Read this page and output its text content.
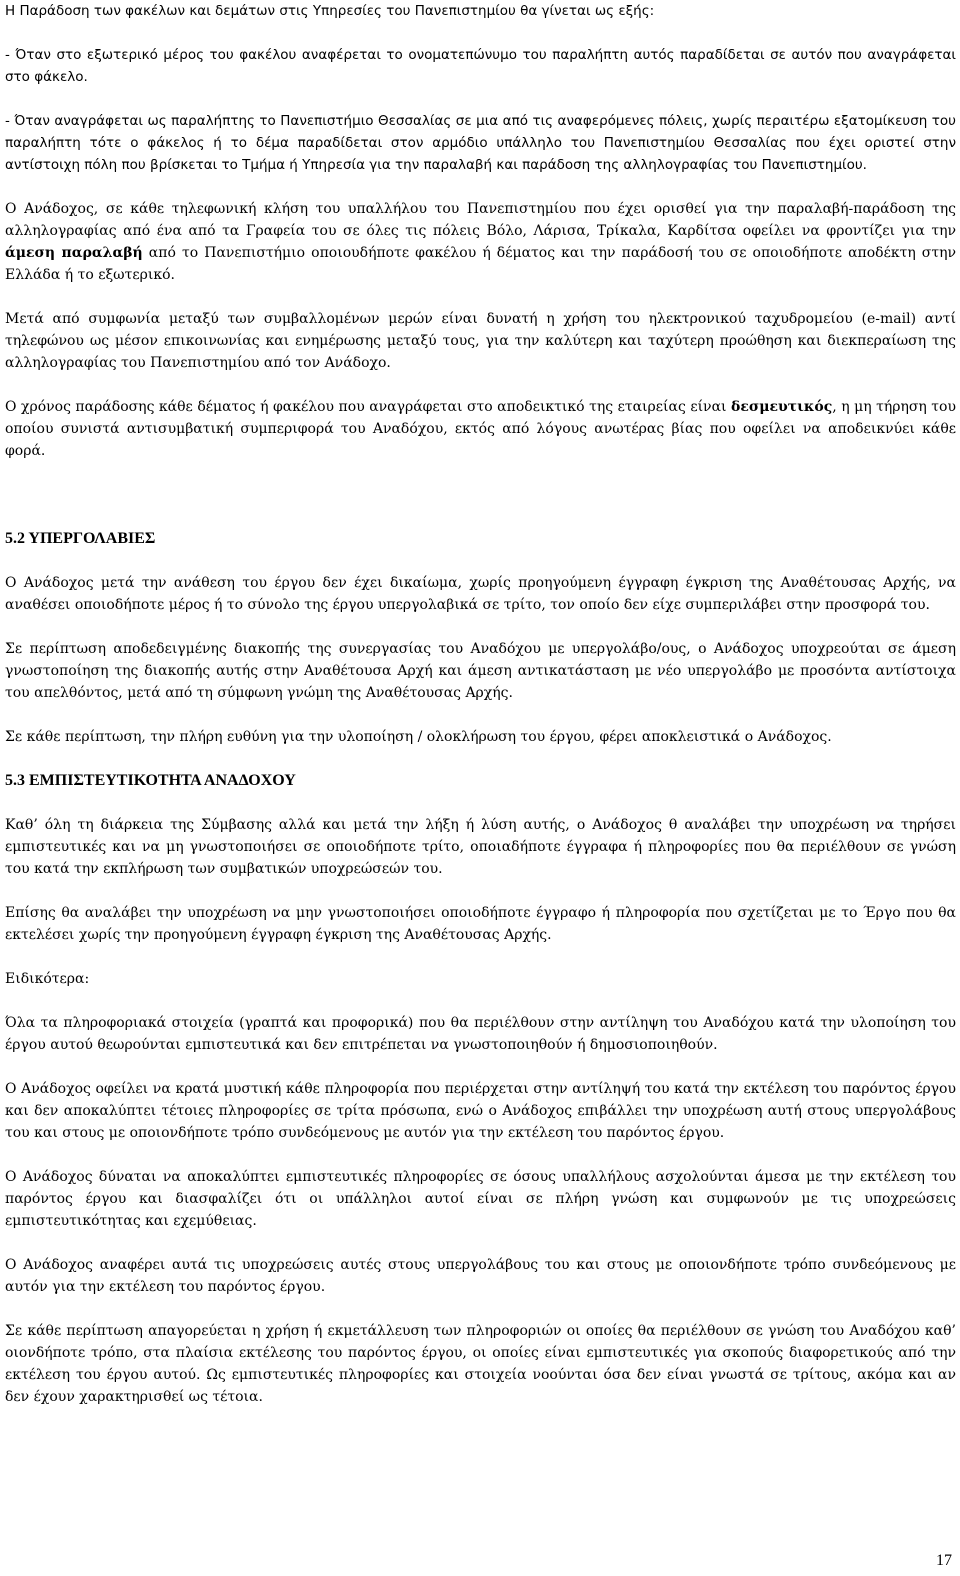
Η Παράδοση των φακέλων και δεμάτων στις Υπηρεσίες του Πανεπιστημίου θα γίνεται ως εξής:

- Όταν στο εξωτερικό μέρος του φακέλου αναφέρεται το ονοματεπώνυμο του παραλήπτη αυτός παραδίδεται σε αυτόν που αναγράφεται στο φάκελο.

- Όταν αναγράφεται ως παραλήπτης το Πανεπιστήμιο Θεσσαλίας σε μια από τις αναφερόμενες πόλεις, χωρίς περαιτέρω εξατομίκευση του παραλήπτη τότε ο φάκελος ή το δέμα παραδίδεται στον αρμόδιο υπάλληλο του Πανεπιστημίου Θεσσαλίας που έχει οριστεί στην αντίστοιχη πόλη που βρίσκεται το Τμήμα ή Υπηρεσία για την παραλαβή και παράδοση της αλληλογραφίας του Πανεπιστημίου.

Ο Ανάδοχος, σε κάθε τηλεφωνική κλήση του υπαλλήλου του Πανεπιστημίου που έχει ορισθεί για την παραλαβή-παράδοση της αλληλογραφίας από ένα από τα Γραφεία του σε όλες τις πόλεις Βόλο, Λάρισα, Τρίκαλα, Καρδίτσα οφείλει να φροντίζει για την άμεση παραλαβή από το Πανεπιστήμιο οποιουδήποτε φακέλου ή δέματος και την παράδοσή του σε οποιοδήποτε αποδέκτη στην Ελλάδα ή το εξωτερικό.

Μετά από συμφωνία μεταξύ των συμβαλλομένων μερών είναι δυνατή η χρήση του ηλεκτρονικού ταχυδρομείου (e-mail) αντί τηλεφώνου ως μέσον επικοινωνίας και ενημέρωσης μεταξύ τους, για την καλύτερη και ταχύτερη προώθηση και διεκπεραίωση της αλληλογραφίας του Πανεπιστημίου από τον Ανάδοχο.

Ο χρόνος παράδοσης κάθε δέματος ή φακέλου που αναγράφεται στο αποδεικτικό της εταιρείας είναι δεσμευτικός, η μη τήρηση του οποίου συνιστά αντισυμβατική συμπεριφορά του Αναδόχου, εκτός από λόγους ανωτέρας βίας που οφείλει να αποδεικνύει κάθε φορά.

5.2 ΥΠΕΡΓΟΛΑΒΙΕΣ

Ο Ανάδοχος μετά την ανάθεση του έργου δεν έχει δικαίωμα, χωρίς προηγούμενη έγγραφη έγκριση της Αναθέτουσας Αρχής, να αναθέσει οποιοδήποτε μέρος ή το σύνολο της έργου υπεργολαβικά σε τρίτο, τον οποίο δεν είχε συμπεριλάβει στην προσφορά του.

Σε περίπτωση αποδεδειγμένης διακοπής της συνεργασίας του Αναδόχου με υπεργολάβο/ους, ο Ανάδοχος υποχρεούται σε άμεση γνωστοποίηση της διακοπής αυτής στην Αναθέτουσα Αρχή και άμεση αντικατάσταση με νέο υπεργολάβο με προσόντα αντίστοιχα του απελθόντος, μετά από τη σύμφωνη γνώμη της Αναθέτουσας Αρχής.

Σε κάθε περίπτωση, την πλήρη ευθύνη για την υλοποίηση / ολοκλήρωση του έργου, φέρει αποκλειστικά ο Ανάδοχος.

5.3 ΕΜΠΙΣΤΕΥΤΙΚΟΤΗΤΑ ΑΝΑΔΟΧΟΥ

Καθ’ όλη τη διάρκεια της Σύμβασης αλλά και μετά την λήξη ή λύση αυτής, ο Ανάδοχος θ αναλάβει την υποχρέωση να τηρήσει εμπιστευτικές και να μη γνωστοποιήσει σε οποιοδήποτε τρίτο, οποιαδήποτε έγγραφα ή πληροφορίες που θα περιέλθουν σε γνώση του κατά την εκπλήρωση των συμβατικών υποχρεώσεών του.

Επίσης θα αναλάβει την υποχρέωση να μην γνωστοποιήσει οποιοδήποτε έγγραφο ή πληροφορία που σχετίζεται με το Έργο που θα εκτελέσει χωρίς την προηγούμενη έγγραφη έγκριση της Αναθέτουσας Αρχής.

Ειδικότερα:

Όλα τα πληροφοριακά στοιχεία (γραπτά και προφορικά) που θα περιέλθουν στην αντίληψη του Αναδόχου κατά την υλοποίηση του έργου αυτού θεωρούνται εμπιστευτικά και δεν επιτρέπεται να γνωστοποιηθούν ή δημοσιοποιηθούν.

Ο Ανάδοχος οφείλει να κρατά μυστική κάθε πληροφορία που περιέρχεται στην αντίληψή του κατά την εκτέλεση του παρόντος έργου και δεν αποκαλύπτει τέτοιες πληροφορίες σε τρίτα πρόσωπα, ενώ ο Ανάδοχος επιβάλλει την υποχρέωση αυτή στους υπεργολάβους του και στους με οποιονδήποτε τρόπο συνδεόμενους με αυτόν για την εκτέλεση του παρόντος έργου.

Ο Ανάδοχος δύναται να αποκαλύπτει εμπιστευτικές πληροφορίες σε όσους υπαλλήλους ασχολούνται άμεσα με την εκτέλεση του παρόντος έργου και διασφαλίζει ότι οι υπάλληλοι αυτοί είναι σε πλήρη γνώση και συμφωνούν με τις υποχρεώσεις εμπιστευτικότητας και εχεμύθειας.

Ο Ανάδοχος αναφέρει αυτά τις υποχρεώσεις αυτές στους υπεργολάβους του και στους με οποιονδήποτε τρόπο συνδεόμενους με αυτόν για την εκτέλεση του παρόντος έργου.

Σε κάθε περίπτωση απαγορεύεται η χρήση ή εκμετάλλευση των πληροφοριών οι οποίες θα περιέλθουν σε γνώση του Αναδόχου καθ’ οιονδήποτε τρόπο, στα πλαίσια εκτέλεσης του παρόντος έργου, οι οποίες είναι εμπιστευτικές για σκοπούς διαφορετικούς από την εκτέλεση του έργου αυτού. Ως εμπιστευτικές πληροφορίες και στοιχεία νοούνται όσα δεν είναι γνωστά σε τρίτους, ακόμα και αν δεν έχουν χαρακτηρισθεί ως τέτοια.

17
